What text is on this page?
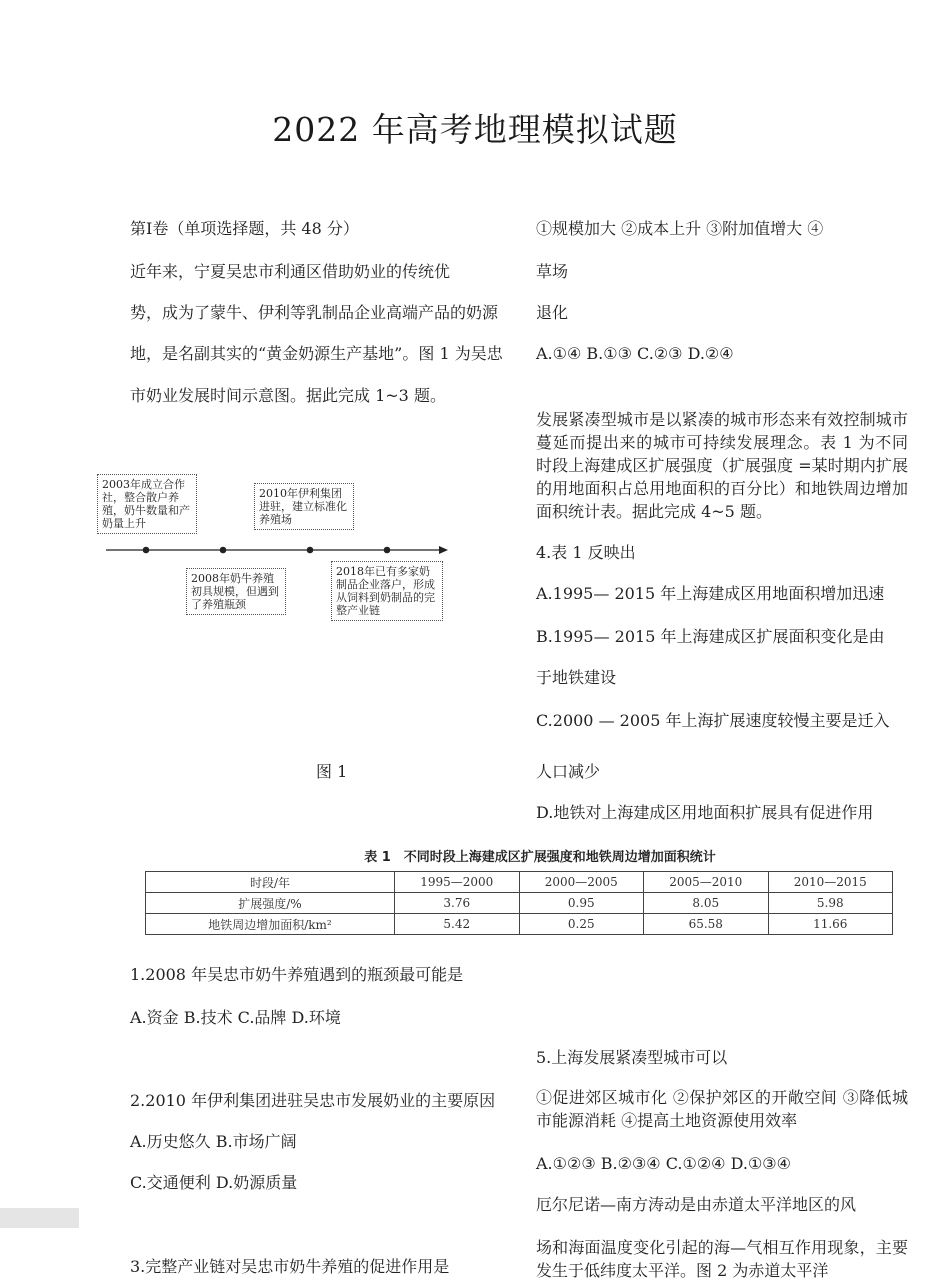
2022 年高考地理模拟试题
第Ⅰ卷（单项选择题，共 48 分）
近年来，宁夏吴忠市利通区借助奶业的传统优
势，成为了蒙牛、伊利等乳制品企业高端产品的奶源
地，是名副其实的“黄金奶源生产基地”。图 1 为吴忠
市奶业发展时间示意图。据此完成 1~3 题。
2003年成立合作社，整合散户养殖，奶牛数量和产奶量上升
2010年伊利集团进驻，建立标准化养殖场
2008年奶牛养殖初具规模，但遇到了养殖瓶颈
2018年已有多家奶制品企业落户，形成从饲料到奶制品的完整产业链
图 1
表 1　不同时段上海建成区扩展强度和地铁周边增加面积统计
时段/年	1995—2000	2000—2005	2005—2010	2010—2015
扩展强度/%	3.76	0.95	8.05	5.98
地铁周边增加面积/km²	5.42	0.25	65.58	11.66
1.2008 年吴忠市奶牛养殖遇到的瓶颈最可能是
A.资金 B.技术 C.品牌 D.环境
2.2010 年伊利集团进驻吴忠市发展奶业的主要原因
A.历史悠久 B.市场广阔
C.交通便利 D.奶源质量
3.完整产业链对吴忠市奶牛养殖的促进作用是
①规模加大 ②成本上升 ③附加值增大 ④
草场
退化
A.①④ B.①③ C.②③ D.②④
发展紧凑型城市是以紧凑的城市形态来有效控制城市蔓延而提出来的城市可持续发展理念。表 1 为不同时段上海建成区扩展强度（扩展强度 =某时期内扩展的用地面积占总用地面积的百分比）和地铁周边增加面积统计表。据此完成 4~5 题。
4.表 1 反映出
A.1995— 2015 年上海建成区用地面积增加迅速
B.1995— 2015 年上海建成区扩展面积变化是由
于地铁建设
C.2000 — 2005 年上海扩展速度较慢主要是迁入
人口减少
D.地铁对上海建成区用地面积扩展具有促进作用
5.上海发展紧凑型城市可以
①促进郊区城市化 ②保护郊区的开敞空间 ③降低城市能源消耗 ④提高土地资源使用效率
A.①②③ B.②③④ C.①②④ D.①③④
厄尔尼诺—南方涛动是由赤道太平洋地区的风
场和海面温度变化引起的海—气相互作用现象，主要发生于低纬度太平洋。图 2 为赤道太平洋
